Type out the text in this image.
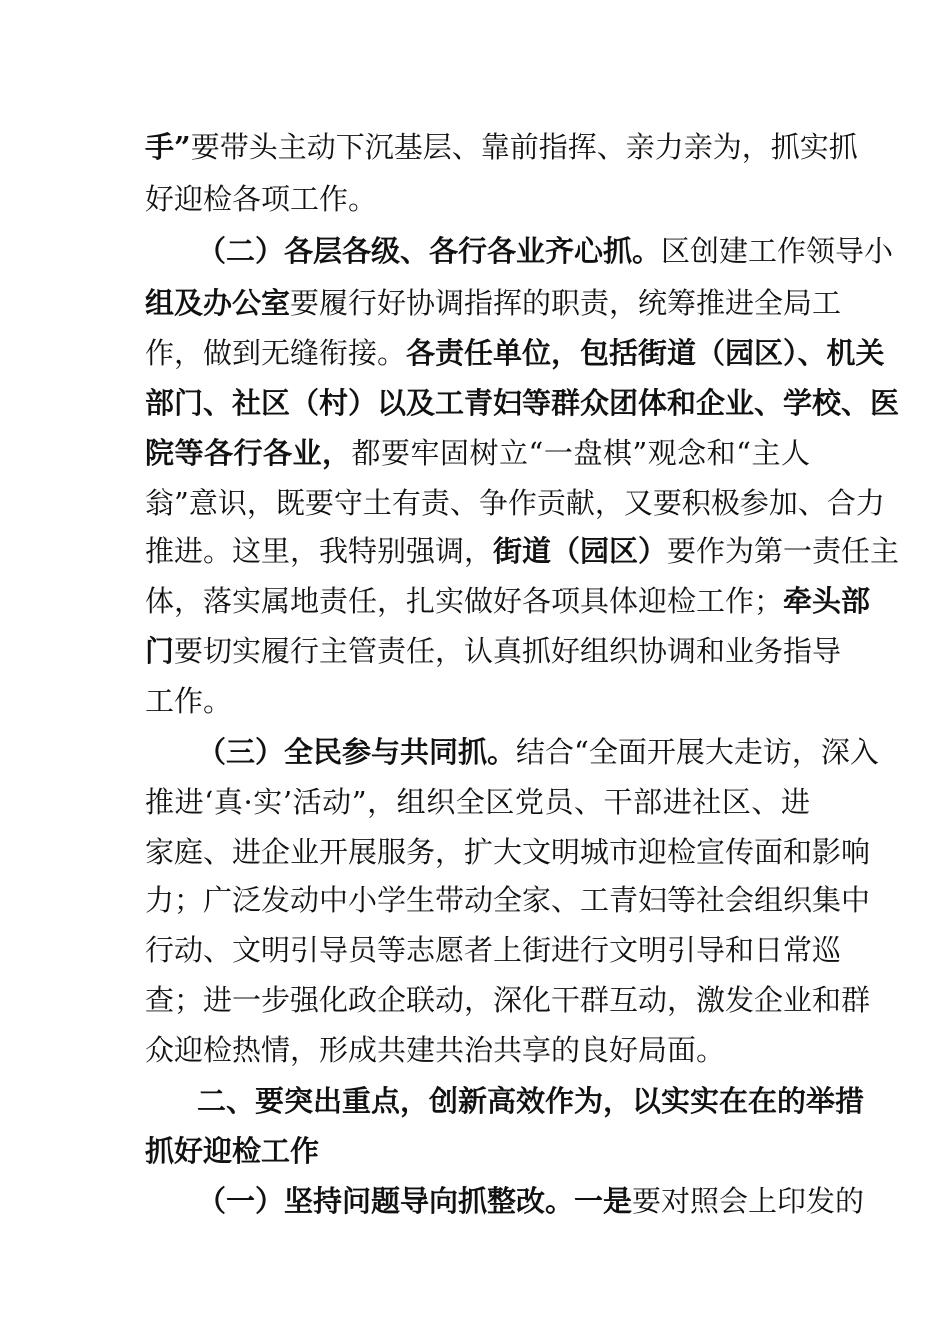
手”要带头主动下沉基层、靠前指挥、亲力亲为，抓实抓
好迎检各项工作。
（二）各层各级、各行各业齐心抓。区创建工作领导小
组及办公室要履行好协调指挥的职责，统筹推进全局工
作，做到无缝衔接。各责任单位，包括街道（园区）、机关
部门、社区（村）以及工青妇等群众团体和企业、学校、医
院等各行各业，都要牢固树立“一盘棋”观念和“主人
翁”意识，既要守土有责、争作贡献，又要积极参加、合力
推进。这里，我特别强调，街道（园区）要作为第一责任主
体，落实属地责任，扎实做好各项具体迎检工作；牵头部
门要切实履行主管责任，认真抓好组织协调和业务指导
工作。
（三）全民参与共同抓。结合“全面开展大走访，深入
推进‘真·实’活动”，组织全区党员、干部进社区、进
家庭、进企业开展服务，扩大文明城市迎检宣传面和影响
力；广泛发动中小学生带动全家、工青妇等社会组织集中
行动、文明引导员等志愿者上街进行文明引导和日常巡
查；进一步强化政企联动，深化干群互动，激发企业和群
众迎检热情，形成共建共治共享的良好局面。
二、要突出重点，创新高效作为，以实实在在的举措
抓好迎检工作
（一）坚持问题导向抓整改。一是要对照会上印发的
